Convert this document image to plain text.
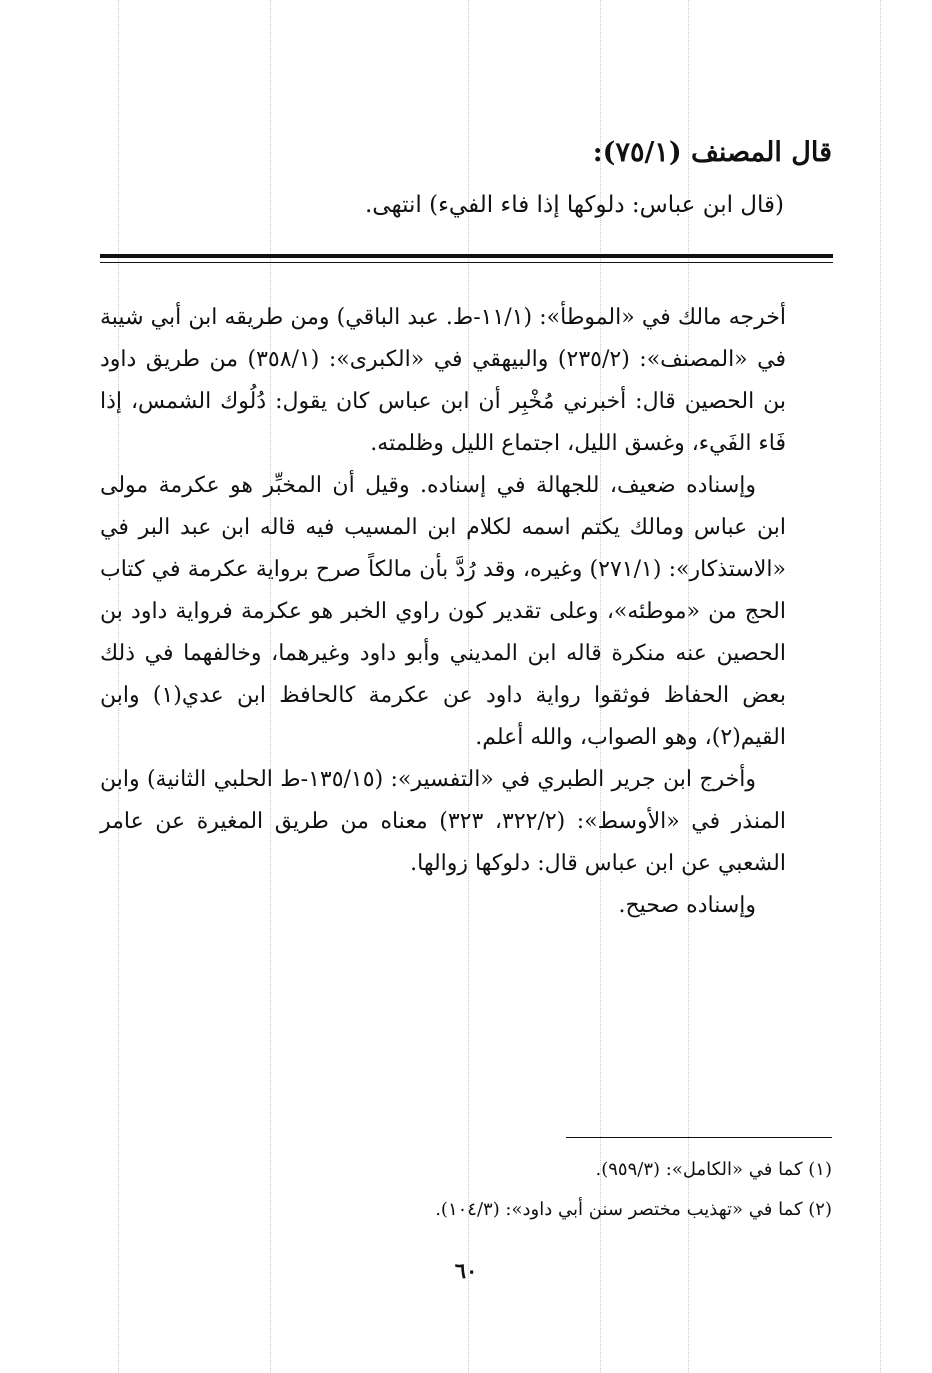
قال المصنف (٧٥/١):
(قال ابن عباس: دلوكها إذا فاء الفيء) انتهى.

أخرجه مالك في «الموطأ»: (١١/١-ط. عبد الباقي) ومن طريقه ابن أبي شيبة في «المصنف»: (٢٣٥/٢) والبيهقي في «الكبرى»: (٣٥٨/١) من طريق داود بن الحصين قال: أخبرني مُخْبِر أن ابن عباس كان يقول: دُلُوك الشمس، إذا فَاء الفَيء، وغسق الليل، اجتماع الليل وظلمته.

وإسناده ضعيف، للجهالة في إسناده. وقيل أن المخبِّر هو عكرمة مولى ابن عباس ومالك يكتم اسمه لكلام ابن المسيب فيه قاله ابن عبد البر في «الاستذكار»: (٢٧١/١) وغيره، وقد رُدَّ بأن مالكاً صرح برواية عكرمة في كتاب الحج من «موطئه»، وعلى تقدير كون راوي الخبر هو عكرمة فرواية داود بن الحصين عنه منكرة قاله ابن المديني وأبو داود وغيرهما، وخالفهما في ذلك بعض الحفاظ فوثقوا رواية داود عن عكرمة كالحافظ ابن عدي(١) وابن القيم(٢)، وهو الصواب، والله أعلم.

وأخرج ابن جرير الطبري في «التفسير»: (١٣٥/١٥-ط الحلبي الثانية) وابن المنذر في «الأوسط»: (٣٢٢/٢، ٣٢٣) معناه من طريق المغيرة عن عامر الشعبي عن ابن عباس قال: دلوكها زوالها.

وإسناده صحيح.

(١) كما في «الكامل»: (٩٥٩/٣).
(٢) كما في «تهذيب مختصر سنن أبي داود»: (١٠٤/٣).
٦٠
